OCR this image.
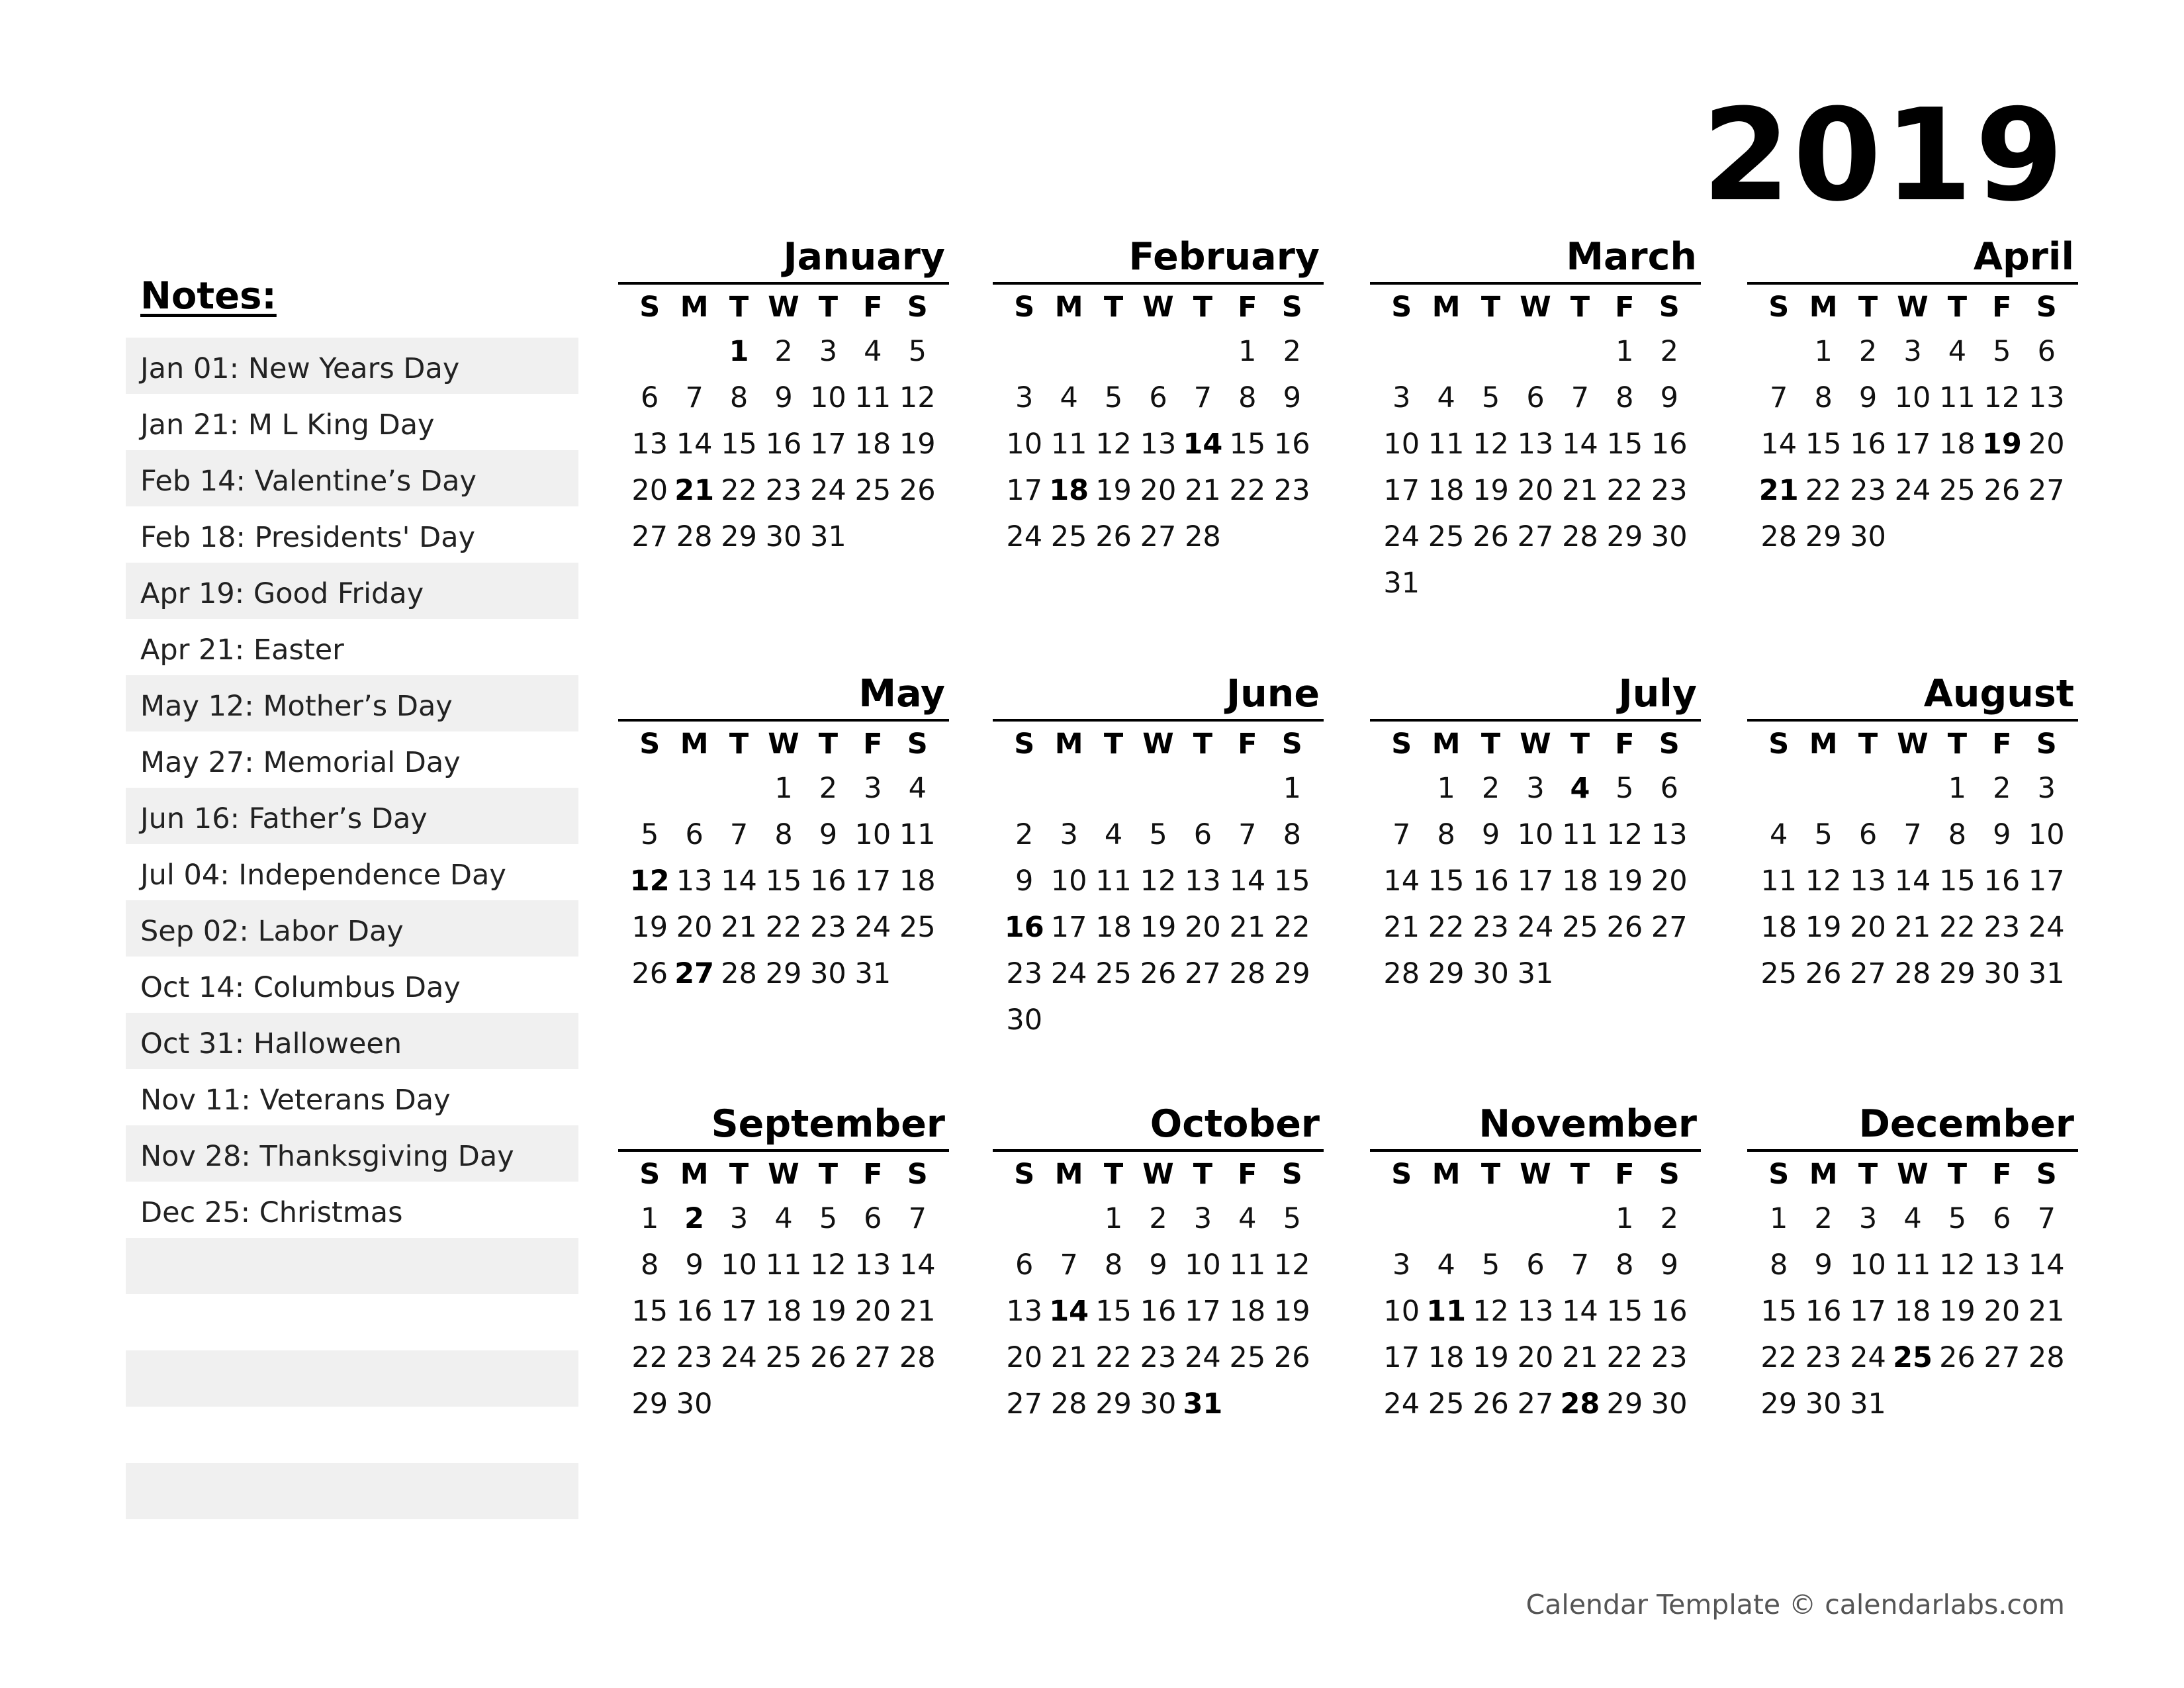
2019
Notes:
Jan 01: New Years Day
Jan 21: M L King Day
Feb 14: Valentine’s Day
Feb 18: Presidents' Day
Apr 19: Good Friday
Apr 21: Easter
May 12: Mother’s Day
May 27: Memorial Day
Jun 16: Father’s Day
Jul 04: Independence Day
Sep 02: Labor Day
Oct 14: Columbus Day
Oct 31: Halloween
Nov 11: Veterans Day
Nov 28: Thanksgiving Day
Dec 25: Christmas
January
S M T W T F S
1 2 3 4 5
6 7 8 9 10 11 12
13 14 15 16 17 18 19
20 21 22 23 24 25 26
27 28 29 30 31
February
S M T W T F S
1 2
3 4 5 6 7 8 9
10 11 12 13 14 15 16
17 18 19 20 21 22 23
24 25 26 27 28
March
S M T W T F S
1 2
3 4 5 6 7 8 9
10 11 12 13 14 15 16
17 18 19 20 21 22 23
24 25 26 27 28 29 30
31
April
S M T W T F S
1 2 3 4 5 6
7 8 9 10 11 12 13
14 15 16 17 18 19 20
21 22 23 24 25 26 27
28 29 30
May
S M T W T F S
1 2 3 4
5 6 7 8 9 10 11
12 13 14 15 16 17 18
19 20 21 22 23 24 25
26 27 28 29 30 31
June
S M T W T F S
1
2 3 4 5 6 7 8
9 10 11 12 13 14 15
16 17 18 19 20 21 22
23 24 25 26 27 28 29
30
July
S M T W T F S
1 2 3 4 5 6
7 8 9 10 11 12 13
14 15 16 17 18 19 20
21 22 23 24 25 26 27
28 29 30 31
August
S M T W T F S
1 2 3
4 5 6 7 8 9 10
11 12 13 14 15 16 17
18 19 20 21 22 23 24
25 26 27 28 29 30 31
September
S M T W T F S
1 2 3 4 5 6 7
8 9 10 11 12 13 14
15 16 17 18 19 20 21
22 23 24 25 26 27 28
29 30
October
S M T W T F S
1 2 3 4 5
6 7 8 9 10 11 12
13 14 15 16 17 18 19
20 21 22 23 24 25 26
27 28 29 30 31
November
S M T W T F S
1 2
3 4 5 6 7 8 9
10 11 12 13 14 15 16
17 18 19 20 21 22 23
24 25 26 27 28 29 30
December
S M T W T F S
1 2 3 4 5 6 7
8 9 10 11 12 13 14
15 16 17 18 19 20 21
22 23 24 25 26 27 28
29 30 31
Calendar Template © calendarlabs.com
